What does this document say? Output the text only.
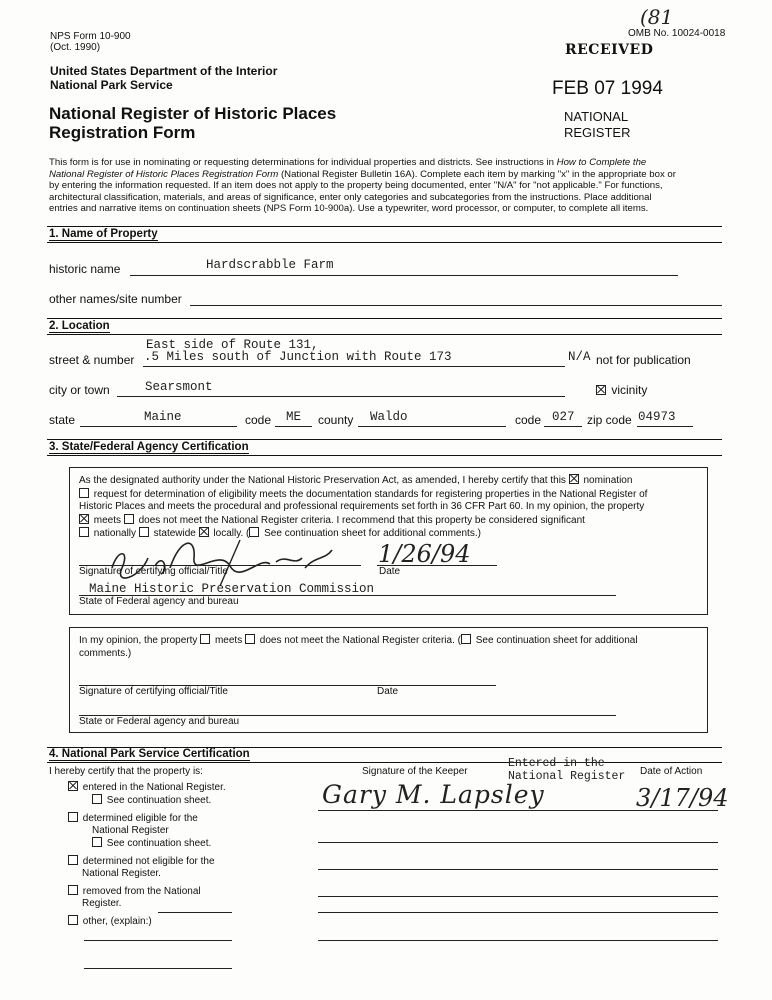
NPS Form 10-900
(Oct. 1990)
(81
OMB No. 10024-0018
RECEIVED
FEB 07 1994
NATIONAL
REGISTER
United States Department of the Interior
National Park Service
National Register of Historic Places
Registration Form
This form is for use in nominating or requesting determinations for individual properties and districts. See instructions in How to Complete the
National Register of Historic Places Registration Form (National Register Bulletin 16A). Complete each item by marking "x" in the appropriate box or
by entering the information requested. If an item does not apply to the property being documented, enter "N/A" for "not applicable." For functions,
architectural classification, materials, and areas of significance, enter only categories and subcategories from the instructions. Place additional
entries and narrative items on continuation sheets (NPS Form 10-900a). Use a typewriter, word processor, or computer, to complete all items.
1. Name of Property
historic name	Hardscrabble Farm
other names/site number
2. Location
East side of Route 131,
street & number .5 Miles south of Junction with Route 173	N/A not for publication
city or town	Searsmont	vicinity
state	Maine	code ME county Waldo	code 027 zip code 04973
3. State/Federal Agency Certification
As the designated authority under the National Historic Preservation Act, as amended, I hereby certify that this nomination
request for determination of eligibility meets the documentation standards for registering properties in the National Register of
Historic Places and meets the procedural and professional requirements set forth in 36 CFR Part 60. In my opinion, the property
meets does not meet the National Register criteria. I recommend that this property be considered significant
nationally statewide locally. ( See continuation sheet for additional comments.)
1/26/94
Signature of certifying official/Title	Date
Maine Historic Preservation Commission
State of Federal agency and bureau
In my opinion, the property meets does not meet the National Register criteria. ( See continuation sheet for additional
comments.)
Signature of certifying official/Title	Date
State or Federal agency and bureau
4. National Park Service Certification
I hereby certify that the property is:	Signature of the Keeper
Entered in the
National Register Date of Action
Gary M. Lapsley	3/17/94
entered in the National Register.
See continuation sheet.
determined eligible for the
National Register
See continuation sheet.
determined not eligible for the
National Register.
removed from the National
Register.
other, (explain:)
